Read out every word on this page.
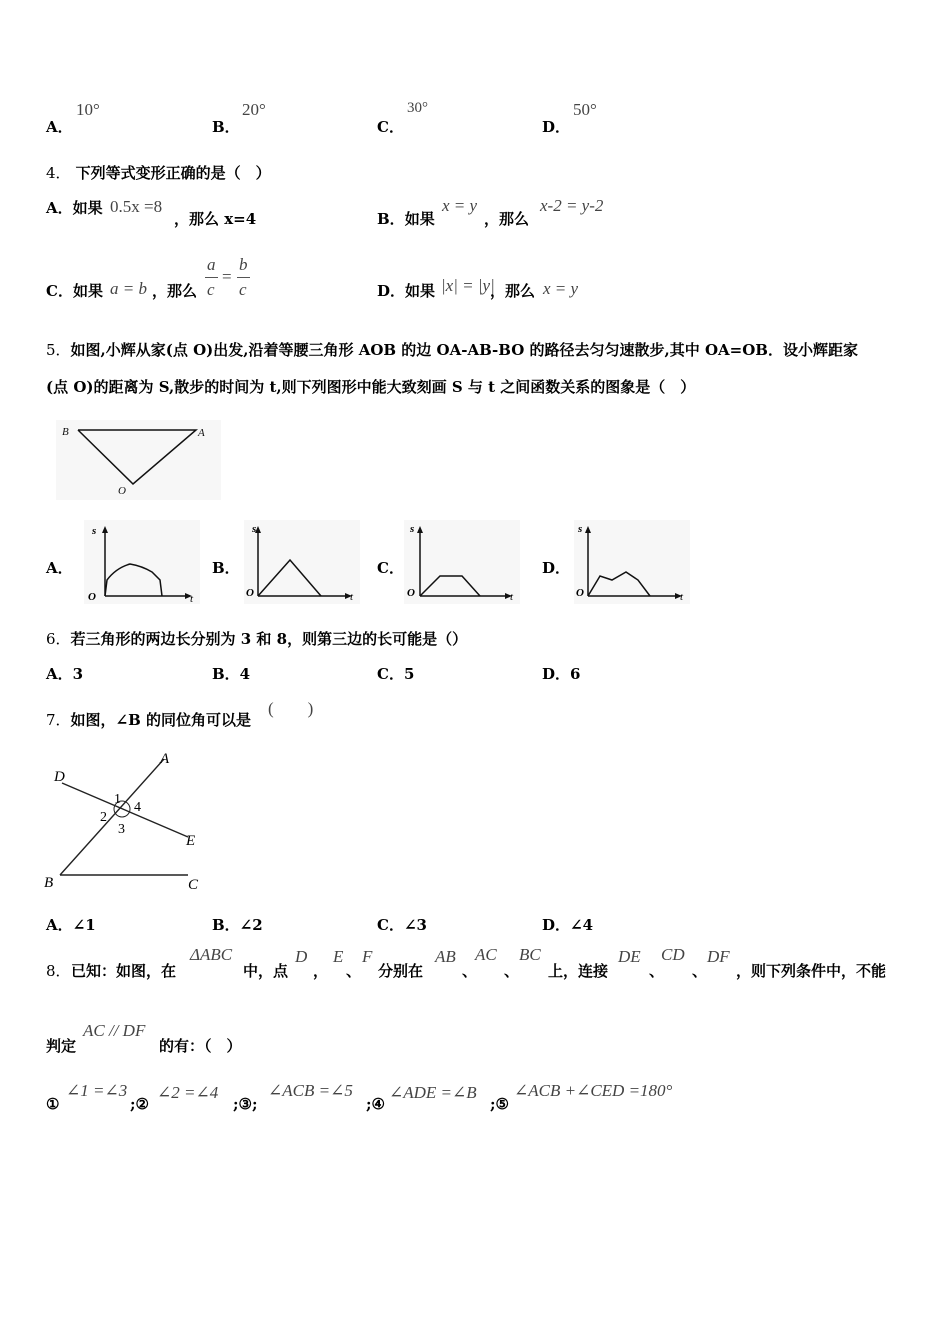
A．
10°
B．
20°
C．
30°
D．
50°
4． 下列等式变形正确的是（　）
A．如果 0.5x =8
，那么 x=4	B．如果
x = y
，那么
x-2 = y-2
C．如果 a = b ，那么
a
c
=
b
c	D．如果 |x| = |y|
，那么 x = y
5．如图,小辉从家(点 O)出发,沿着等腰三角形 AOB 的边 OA-AB-BO 的路径去匀匀速散步,其中 OA=OB．设小辉距家
(点 O)的距离为 S,散步的时间为 t,则下列图形中能大致刻画 S 与 t 之间函数关系的图象是（　）
B	A
O
A．	B．	C．	D．
s
O	t
s
O	t
s
O	t
s
O	t
6．若三角形的两边长分别为 3 和 8，则第三边的长可能是（）
A．3	B．4	C．5	D．6
7．如图，∠B 的同位角可以是
(　　)
D
A
1
4
2
3
E
B	C
A．∠1	B．∠2	C．∠3	D．∠4
8． 已知：如图，在
ΔABC
中，点
D
，
E
、
F
分别在
AB
、
AC
、
BC
上，连接
DE
、
CD
、
DF
，则下列条件中，不能
判定
AC // DF
的有：（　）
①
∠1 =∠3
;②
∠2 =∠4
;③;
∠ACB =∠5
;④
∠ADE =∠B
;⑤
∠ACB +∠CED =180°
